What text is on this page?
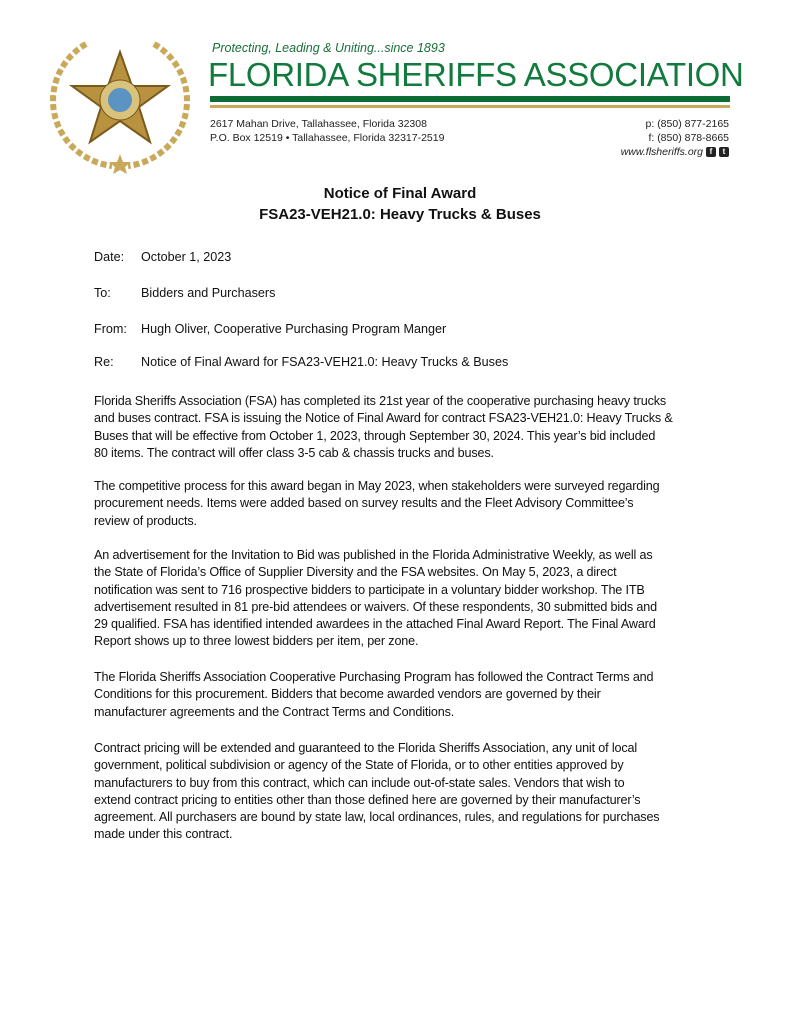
Protecting, Leading & Uniting...since 1893
FLORIDA SHERIFFS ASSOCIATION
2617 Mahan Drive, Tallahassee, Florida 32308
P.O. Box 12519 • Tallahassee, Florida 32317-2519
p: (850) 877-2165
f: (850) 878-8665
www.flsheriffs.org f t
Notice of Final Award
FSA23-VEH21.0: Heavy Trucks & Buses
Date: October 1, 2023
To: Bidders and Purchasers
From: Hugh Oliver, Cooperative Purchasing Program Manger
Re: Notice of Final Award for FSA23-VEH21.0: Heavy Trucks & Buses
Florida Sheriffs Association (FSA) has completed its 21st year of the cooperative purchasing heavy trucks
and buses contract. FSA is issuing the Notice of Final Award for contract FSA23-VEH21.0: Heavy Trucks &
Buses that will be effective from October 1, 2023, through September 30, 2024. This year’s bid included
80 items. The contract will offer class 3-5 cab & chassis trucks and buses.
The competitive process for this award began in May 2023, when stakeholders were surveyed regarding
procurement needs. Items were added based on survey results and the Fleet Advisory Committee’s
review of products.
An advertisement for the Invitation to Bid was published in the Florida Administrative Weekly, as well as
the State of Florida’s Office of Supplier Diversity and the FSA websites. On May 5, 2023, a direct
notification was sent to 716 prospective bidders to participate in a voluntary bidder workshop. The ITB
advertisement resulted in 81 pre-bid attendees or waivers. Of these respondents, 30 submitted bids and
29 qualified. FSA has identified intended awardees in the attached Final Award Report. The Final Award
Report shows up to three lowest bidders per item, per zone.
The Florida Sheriffs Association Cooperative Purchasing Program has followed the Contract Terms and
Conditions for this procurement. Bidders that become awarded vendors are governed by their
manufacturer agreements and the Contract Terms and Conditions.
Contract pricing will be extended and guaranteed to the Florida Sheriffs Association, any unit of local
government, political subdivision or agency of the State of Florida, or to other entities approved by
manufacturers to buy from this contract, which can include out-of-state sales. Vendors that wish to
extend contract pricing to entities other than those defined here are governed by their manufacturer’s
agreement. All purchasers are bound by state law, local ordinances, rules, and regulations for purchases
made under this contract.
